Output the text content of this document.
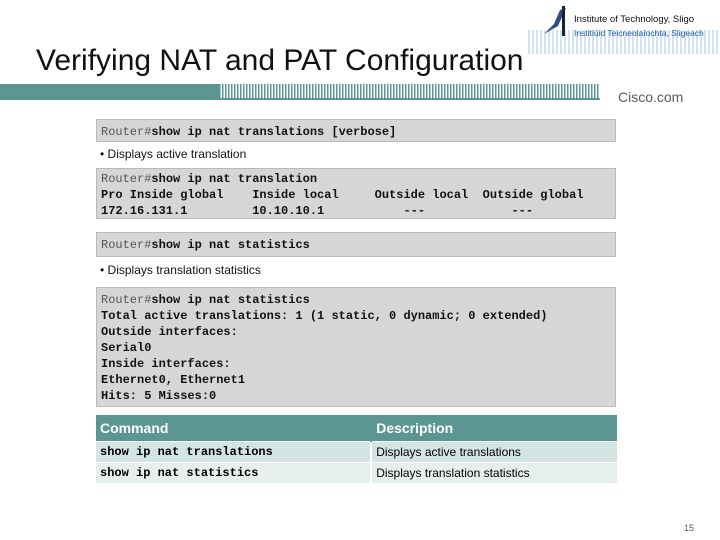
Institute of Technology, Sligo
Institiúid Teicneolaíochta, Sligeach
Verifying NAT and PAT Configuration
Cisco.com
Router#show ip nat translations [verbose]
• Displays active translation
Router#show ip nat translation
Pro Inside global    Inside local     Outside local  Outside global
172.16.131.1         10.10.10.1           ---            ---
Router#show ip nat statistics
• Displays translation statistics
Router#show ip nat statistics
Total active translations: 1 (1 static, 0 dynamic; 0 extended)
Outside interfaces:
Serial0
Inside interfaces:
Ethernet0, Ethernet1
Hits: 5 Misses:0
Command	Description
show ip nat translations	Displays active translations
show ip nat statistics	Displays translation statistics
15
